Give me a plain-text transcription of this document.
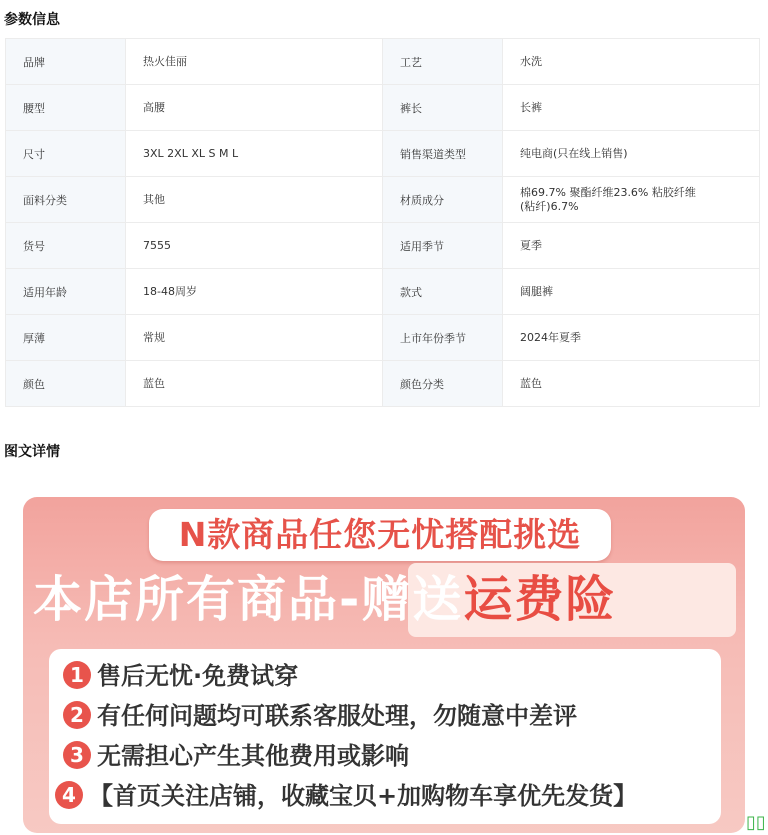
参数信息
品牌	热火佳丽	工艺	水洗
腰型	高腰	裤长	长裤
尺寸	3XL 2XL XL S M L	销售渠道类型	纯电商(只在线上销售)
面料分类	其他	材质成分	棉69.7% 聚酯纤维23.6% 粘胶纤维(粘纤)6.7%
货号	7555	适用季节	夏季
适用年龄	18-48周岁	款式	阔腿裤
厚薄	常规	上市年份季节	2024年夏季
颜色	蓝色	颜色分类	蓝色
图文详情
N款商品任您无忧搭配挑选
本店所有商品-赠送运费险
1 售后无忧·免费试穿
2 有任何问题均可联系客服处理，勿随意中差评
3 无需担心产生其他费用或影响
4 【首页关注店铺，收藏宝贝+加购物车享优先发货】
▯▯
